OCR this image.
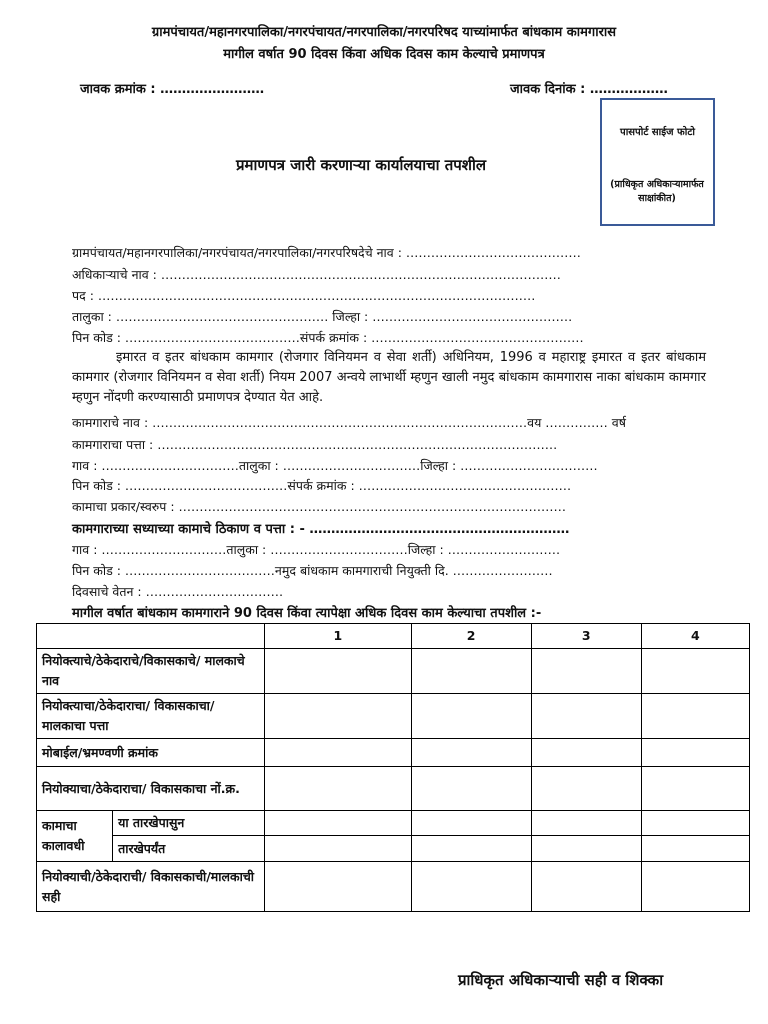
ग्रामपंचायत/महानगरपालिका/नगरपंचायत/नगरपालिका/नगरपरिषद याच्यांमार्फत बांधकाम कामगारास
मागील वर्षात 90 दिवस किंवा अधिक दिवस काम केल्याचे प्रमाणपत्र
जावक क्रमांक : ……………………	जावक दिनांक : ………………
पासपोर्ट साईज फोटो
(प्राधिकृत अधिकाऱ्यामार्फत साक्षांकीत)
प्रमाणपत्र जारी करणाऱ्या कार्यालयाचा तपशील
ग्रामपंचायत/महानगरपालिका/नगरपंचायत/नगरपालिका/नगरपरिषदेचे नाव : ……………………………………
अधिकाऱ्याचे नाव : ……………………………………………………………………………………
पद : ……………………………………………………………………………………………
तालुका : …………………………………………… जिल्हा : …………………………………………
पिन कोड : ……………………………………संपर्क क्रमांक : ……………………………………………
इमारत व इतर बांधकाम कामगार (रोजगार विनियमन व सेवा शर्ती) अधिनियम, 1996 व महाराष्ट्र इमारत व इतर बांधकाम कामगार (रोजगार विनियमन व सेवा शर्ती) नियम 2007 अन्वये लाभार्थी म्हणुन खाली नमुद बांधकाम कामगारास नाका बांधकाम कामगार म्हणुन नोंदणी करण्यासाठी प्रमाणपत्र देण्यात येत आहे.
कामगाराचे नाव : ………………………………………………………………………………वय …………… वर्ष
कामगाराचा पत्ता : ……………………………………………………………………………………
गाव : ……………………………तालुका : ……………………………जिल्हा : ……………………………
पिन कोड : …………………………………संपर्क क्रमांक : ……………………………………………
कामाचा प्रकार/स्वरुप : …………………………………………………………………………………
कामगाराच्या सध्याच्या कामाचे ठिकाण व पत्ता : - ……………………………………………………
गाव : …………………………तालुका : ……………………………जिल्हा : ………………………
पिन कोड : ………………………………नमुद बांधकाम कामगाराची नियुक्ती दि. ……………………
दिवसाचे वेतन : ……………………………
मागील वर्षात बांधकाम कामगाराने 90 दिवस किंवा त्यापेक्षा अधिक दिवस काम केल्याचा तपशील :-
		1	2	3	4
नियोक्त्याचे/ठेकेदाराचे/विकासकाचे/ मालकाचे नाव					
नियोक्त्याचा/ठेकेदाराचा/ विकासकाचा/ मालकाचा पत्ता					
मोबाईल/भ्रमण्वणी क्रमांक					
नियोक्याचा/ठेकेदाराचा/ विकासकाचा नों.क्र.					
कामाचा कालावधी	या तारखेपासुन				
	तारखेपर्यंत				
नियोक्याची/ठेकेदाराची/ विकासकाची/मालकाची सही					
प्राधिकृत अधिकाऱ्याची सही व शिक्का
